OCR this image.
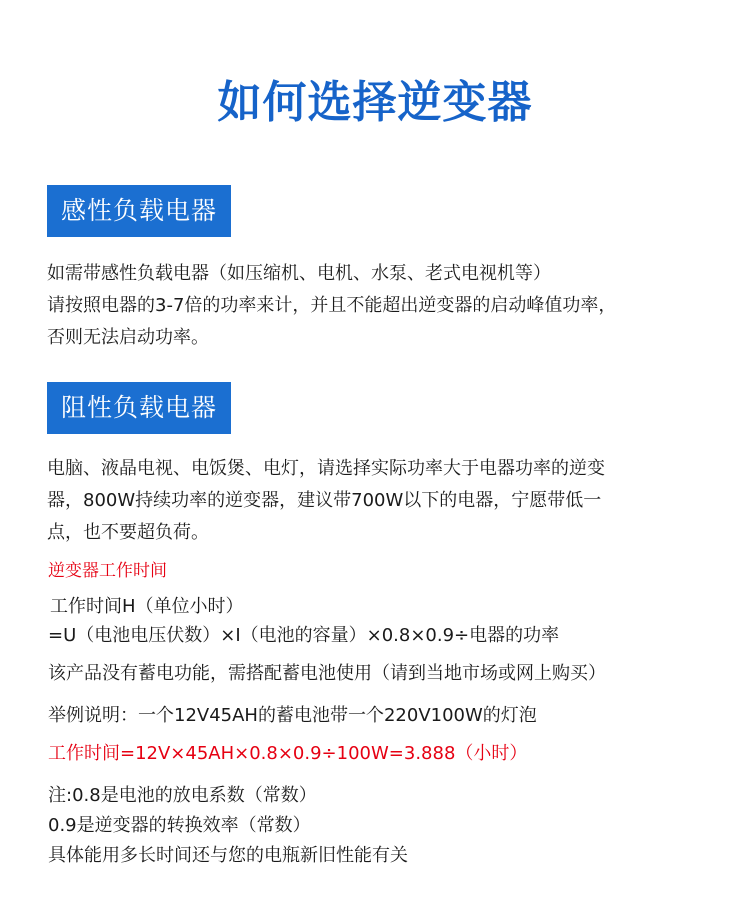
如何选择逆变器
感性负载电器
如需带感性负载电器（如压缩机、电机、水泵、老式电视机等）
请按照电器的3-7倍的功率来计，并且不能超出逆变器的启动峰值功率，
否则无法启动功率。
阻性负载电器
电脑、液晶电视、电饭煲、电灯，请选择实际功率大于电器功率的逆变
器，800W持续功率的逆变器，建议带700W以下的电器，宁愿带低一
点，也不要超负荷。
逆变器工作时间
工作时间H（单位小时）
=U（电池电压伏数）×I（电池的容量）×0.8×0.9÷电器的功率
该产品没有蓄电功能，需搭配蓄电池使用（请到当地市场或网上购买）
举例说明：一个12V45AH的蓄电池带一个220V100W的灯泡
工作时间=12V×45AH×0.8×0.9÷100W=3.888（小时）
注:0.8是电池的放电系数（常数）
0.9是逆变器的转换效率（常数）
具体能用多长时间还与您的电瓶新旧性能有关
